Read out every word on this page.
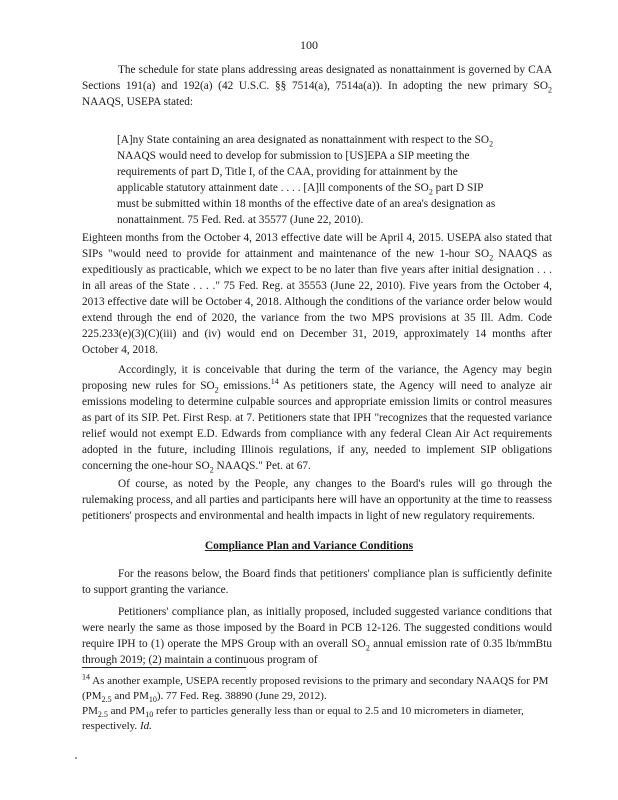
100

The schedule for state plans addressing areas designated as nonattainment is governed by CAA Sections 191(a) and 192(a) (42 U.S.C. §§ 7514(a), 7514a(a)). In adopting the new primary $SO_2$ NAAQS, USEPA stated:

[A]ny State containing an area designated as nonattainment with respect to the $SO_2$ NAAQS would need to develop for submission to [US]EPA a SIP meeting the requirements of part D, Title I, of the CAA, providing for attainment by the applicable statutory attainment date . . . . [A]ll components of the $SO_2$ part D SIP must be submitted within 18 months of the effective date of an area's designation as nonattainment. 75 Fed. Red. at 35577 (June 22, 2010).

Eighteen months from the October 4, 2013 effective date will be April 4, 2015. USEPA also stated that SIPs "would need to provide for attainment and maintenance of the new 1-hour $SO_2$ NAAQS as expeditiously as practicable, which we expect to be no later than five years after initial designation . . . in all areas of the State . . . ." 75 Fed. Reg. at 35553 (June 22, 2010). Five years from the October 4, 2013 effective date will be October 4, 2018. Although the conditions of the variance order below would extend through the end of 2020, the variance from the two MPS provisions at 35 Ill. Adm. Code 225.233(e)(3)(C)(iii) and (iv) would end on December 31, 2019, approximately 14 months after October 4, 2018.

Accordingly, it is conceivable that during the term of the variance, the Agency may begin proposing new rules for $SO_2$ emissions.$^{14}$ As petitioners state, the Agency will need to analyze air emissions modeling to determine culpable sources and appropriate emission limits or control measures as part of its SIP. Pet. First Resp. at 7. Petitioners state that IPH "recognizes that the requested variance relief would not exempt E.D. Edwards from compliance with any federal Clean Air Act requirements adopted in the future, including Illinois regulations, if any, needed to implement SIP obligations concerning the one-hour $SO_2$ NAAQS." Pet. at 67.

Of course, as noted by the People, any changes to the Board's rules will go through the rulemaking process, and all parties and participants here will have an opportunity at the time to reassess petitioners' prospects and environmental and health impacts in light of new regulatory requirements.

Compliance Plan and Variance Conditions

For the reasons below, the Board finds that petitioners' compliance plan is sufficiently definite to support granting the variance.

Petitioners' compliance plan, as initially proposed, included suggested variance conditions that were nearly the same as those imposed by the Board in PCB 12-126. The suggested conditions would require IPH to (1) operate the MPS Group with an overall $SO_2$ annual emission rate of 0.35 lb/mmBtu through 2019; (2) maintain a continuous program of

$^{14}$ As another example, USEPA recently proposed revisions to the primary and secondary NAAQS for PM ($PM_{2.5}$ and $PM_{10}$). 77 Fed. Reg. 38890 (June 29, 2012).
$PM_{2.5}$ and $PM_{10}$ refer to particles generally less than or equal to 2.5 and 10 micrometers in diameter, respectively. Id.
